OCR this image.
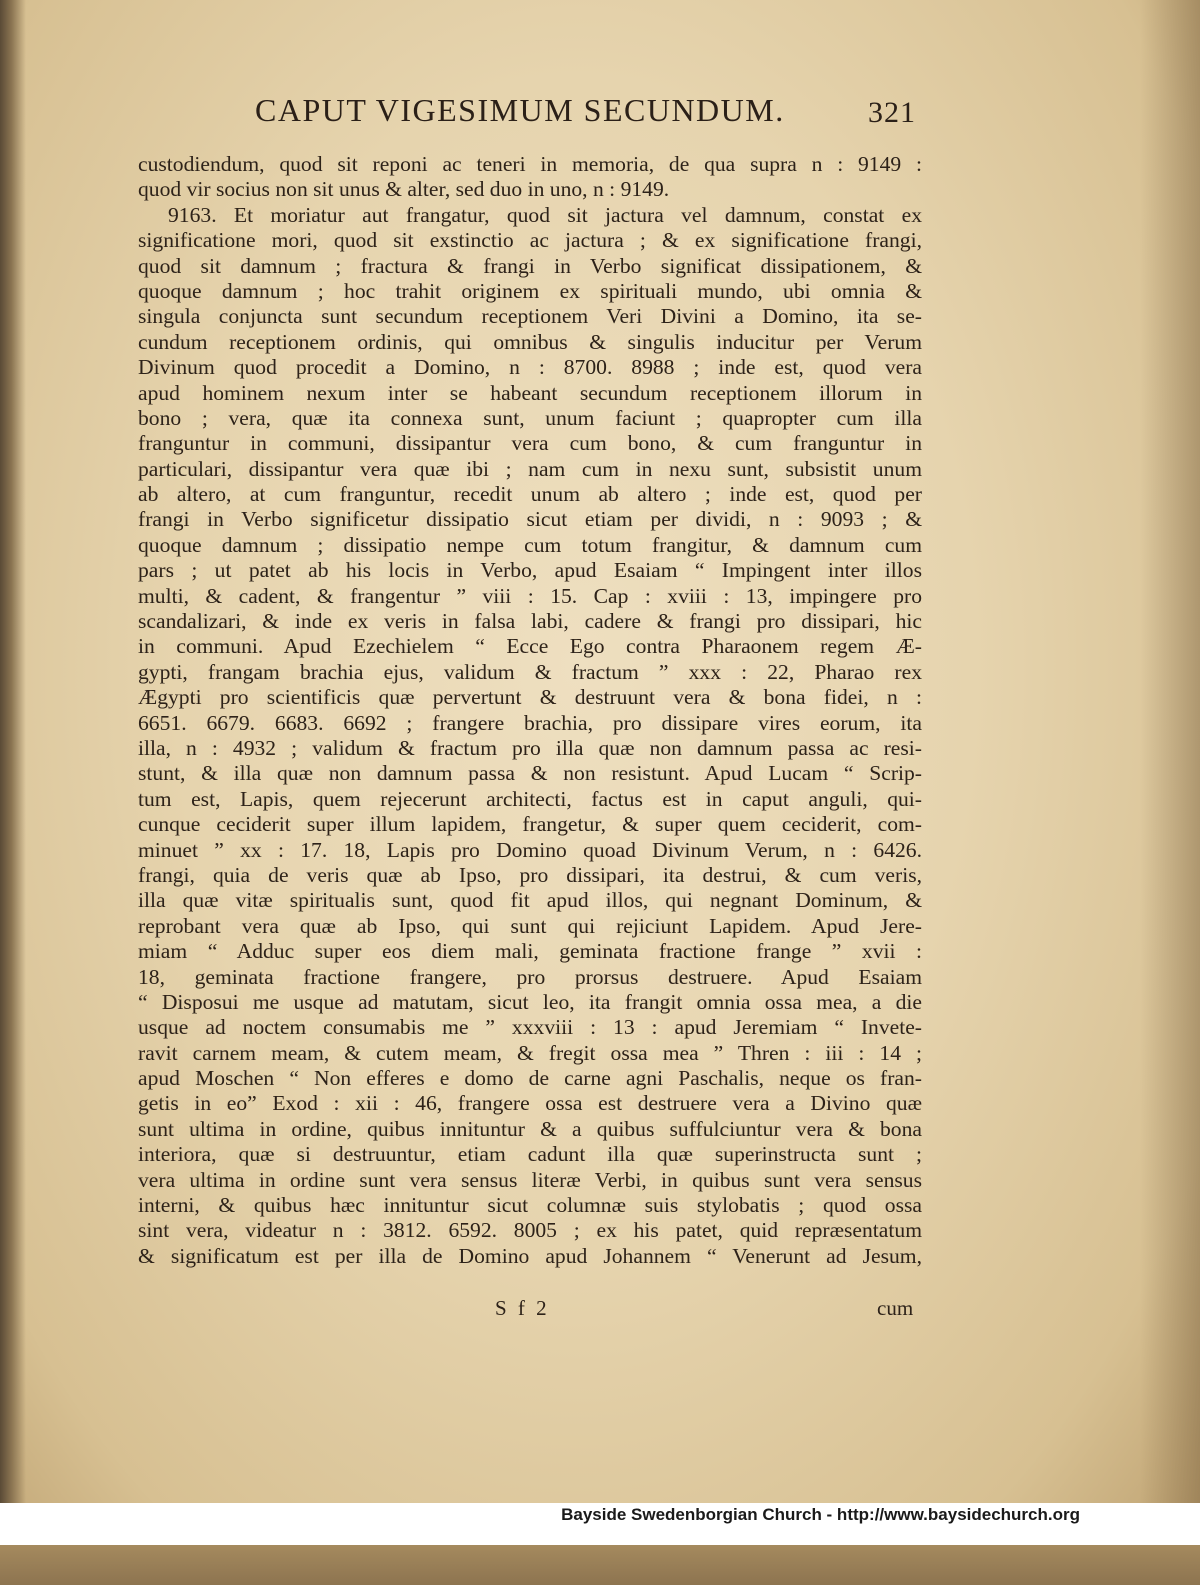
CAPUT VIGESIMUM SECUNDUM.	321
custodiendum, quod sit reponi ac teneri in memoria, de qua supra n : 9149 :
quod vir socius non sit unus & alter, sed duo in uno, n : 9149.
9163. Et moriatur aut frangatur, quod sit jactura vel damnum, constat ex
significatione mori, quod sit exstinctio ac jactura ; & ex significatione frangi,
quod sit damnum ; fractura & frangi in Verbo significat dissipationem, &
quoque damnum ; hoc trahit originem ex spirituali mundo, ubi omnia &
singula conjuncta sunt secundum receptionem Veri Divini a Domino, ita se-
cundum receptionem ordinis, qui omnibus & singulis inducitur per Verum
Divinum quod procedit a Domino, n : 8700. 8988 ; inde est, quod vera
apud hominem nexum inter se habeant secundum receptionem illorum in
bono ; vera, quæ ita connexa sunt, unum faciunt ; quapropter cum illa
franguntur in communi, dissipantur vera cum bono, & cum franguntur in
particulari, dissipantur vera quæ ibi ; nam cum in nexu sunt, subsistit unum
ab altero, at cum franguntur, recedit unum ab altero ; inde est, quod per
frangi in Verbo significetur dissipatio sicut etiam per dividi, n : 9093 ; &
quoque damnum ; dissipatio nempe cum totum frangitur, & damnum cum
pars ; ut patet ab his locis in Verbo, apud Esaiam “ Impingent inter illos
multi, & cadent, & frangentur ” viii : 15. Cap : xviii : 13, impingere pro
scandalizari, & inde ex veris in falsa labi, cadere & frangi pro dissipari, hic
in communi. Apud Ezechielem “ Ecce Ego contra Pharaonem regem Æ-
gypti, frangam brachia ejus, validum & fractum ” xxx : 22, Pharao rex
Ægypti pro scientificis quæ pervertunt & destruunt vera & bona fidei, n :
6651. 6679. 6683. 6692 ; frangere brachia, pro dissipare vires eorum, ita
illa, n : 4932 ; validum & fractum pro illa quæ non damnum passa ac resi-
stunt, & illa quæ non damnum passa & non resistunt. Apud Lucam “ Scrip-
tum est, Lapis, quem rejecerunt architecti, factus est in caput anguli, qui-
cunque ceciderit super illum lapidem, frangetur, & super quem ceciderit, com-
minuet ” xx : 17. 18, Lapis pro Domino quoad Divinum Verum, n : 6426.
frangi, quia de veris quæ ab Ipso, pro dissipari, ita destrui, & cum veris,
illa quæ vitæ spiritualis sunt, quod fit apud illos, qui negnant Dominum, &
reprobant vera quæ ab Ipso, qui sunt qui rejiciunt Lapidem. Apud Jere-
miam “ Adduc super eos diem mali, geminata fractione frange ” xvii :
18, geminata fractione frangere, pro prorsus destruere. Apud Esaiam
“ Disposui me usque ad matutam, sicut leo, ita frangit omnia ossa mea, a die
usque ad noctem consumabis me ” xxxviii : 13 : apud Jeremiam “ Invete-
ravit carnem meam, & cutem meam, & fregit ossa mea ” Thren : iii : 14 ;
apud Moschen “ Non efferes e domo de carne agni Paschalis, neque os fran-
getis in eo” Exod : xii : 46, frangere ossa est destruere vera a Divino quæ
sunt ultima in ordine, quibus innituntur & a quibus suffulciuntur vera & bona
interiora, quæ si destruuntur, etiam cadunt illa quæ superinstructa sunt ;
vera ultima in ordine sunt vera sensus literæ Verbi, in quibus sunt vera sensus
interni, & quibus hæc innituntur sicut columnæ suis stylobatis ; quod ossa
sint vera, videatur n : 3812. 6592. 8005 ; ex his patet, quid repræsentatum
& significatum est per illa de Domino apud Johannem “ Venerunt ad Jesum,
S f 2	cum
Bayside Swedenborgian Church - http://www.baysidechurch.org
